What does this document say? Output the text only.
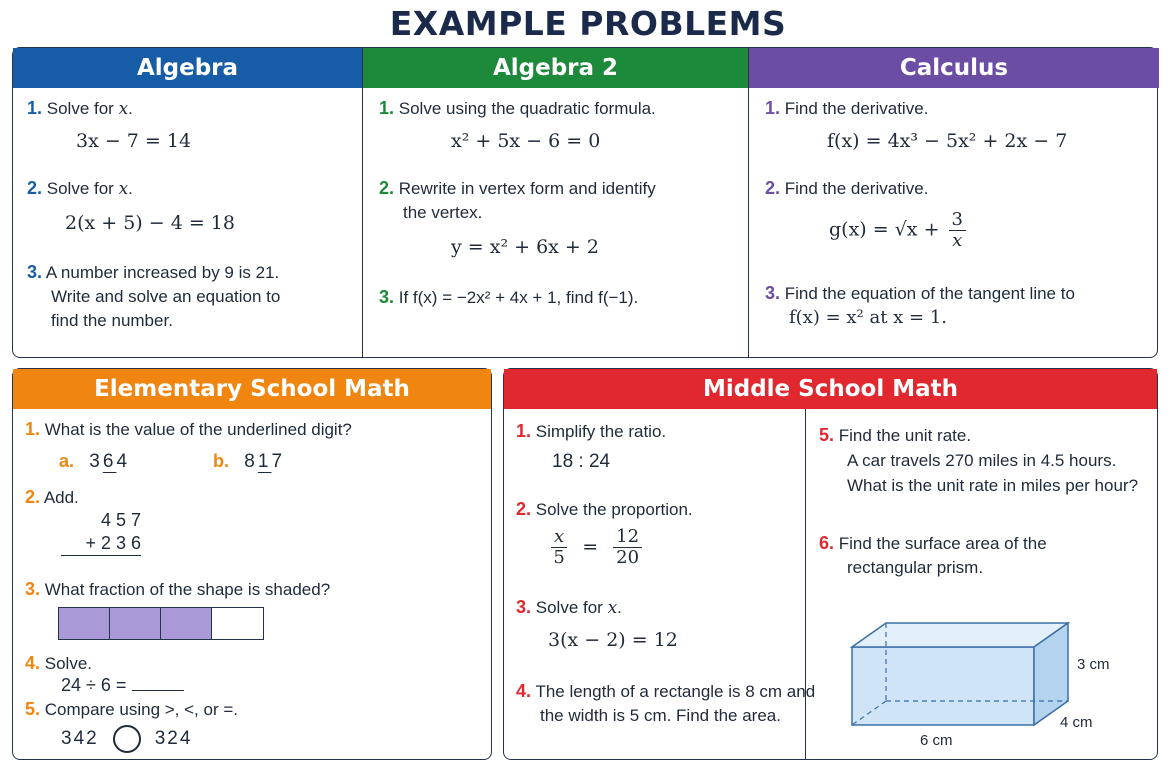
EXAMPLE PROBLEMS
Algebra
1. Solve for x.
3x − 7 = 14
2. Solve for x.
2(x + 5) − 4 = 18
3. A number increased by 9 is 21.
Write and solve an equation to
find the number.
Algebra 2
1. Solve using the quadratic formula.
x² + 5x − 6 = 0
2. Rewrite in vertex form and identify
the vertex.
y = x² + 6x + 2
3. If f(x) = −2x² + 4x + 1, find f(−1).
Calculus
1. Find the derivative.
f(x) = 4x³ − 5x² + 2x − 7
2. Find the derivative.
$g(x) = √x + \frac{3}{x}$
3. Find the equation of the tangent line to
f(x) = x² at x = 1.
Elementary School Math
1. What is the value of the underlined digit?
a. 364	b. 817
2. Add.
4 5 7
+ 2 3 6
3. What fraction of the shape is shaded?
4. Solve.
24 ÷ 6 =
5. Compare using >, <, or =.
342	324
Middle School Math
1. Simplify the ratio.
18 : 24
2. Solve the proportion.
$\frac{x}{5} = \frac{12}{20}$
3. Solve for x.
3(x − 2) = 12
4. The length of a rectangle is 8 cm and
the width is 5 cm. Find the area.
5. Find the unit rate.
A car travels 270 miles in 4.5 hours.
What is the unit rate in miles per hour?
6. Find the surface area of the
rectangular prism.
3 cm
4 cm
6 cm
